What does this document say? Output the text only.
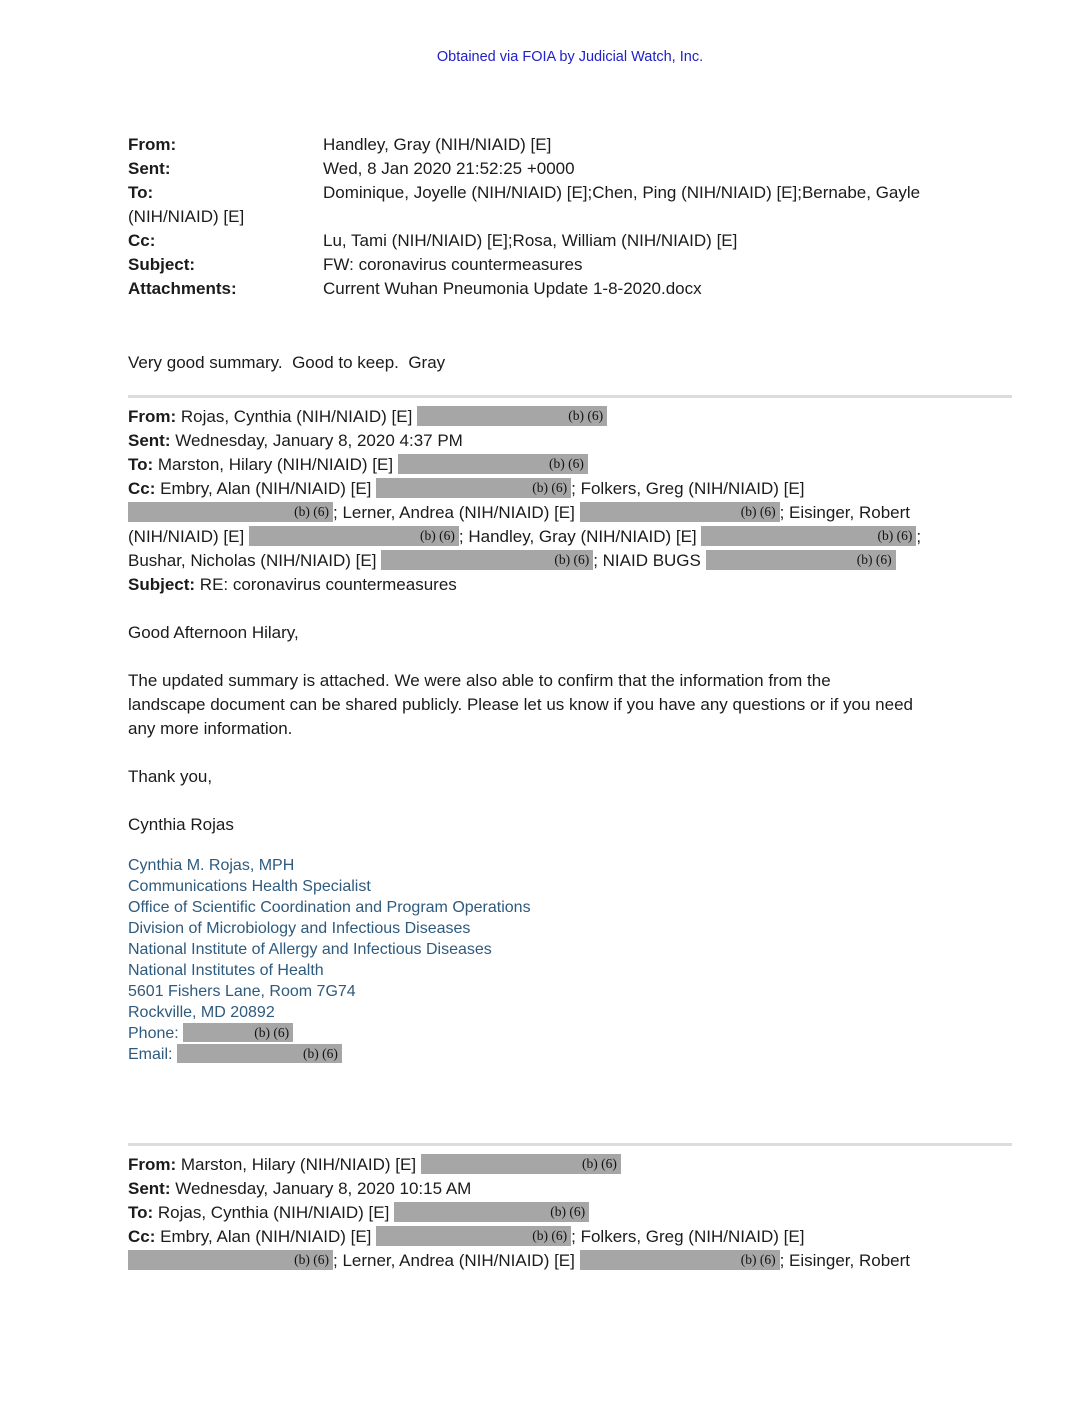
Obtained via FOIA by Judicial Watch, Inc.
From:	Handley, Gray (NIH/NIAID) [E]
Sent:	Wed, 8 Jan 2020 21:52:25 +0000
To:	Dominique, Joyelle (NIH/NIAID) [E];Chen, Ping (NIH/NIAID) [E];Bernabe, Gayle
(NIH/NIAID) [E]
Cc:	Lu, Tami (NIH/NIAID) [E];Rosa, William (NIH/NIAID) [E]
Subject:	FW: coronavirus countermeasures
Attachments:	Current Wuhan Pneumonia Update 1-8-2020.docx
Very good summary.  Good to keep.  Gray
From: Rojas, Cynthia (NIH/NIAID) [E]	(b) (6)
Sent: Wednesday, January 8, 2020 4:37 PM
To: Marston, Hilary (NIH/NIAID) [E]	(b) (6)
Cc: Embry, Alan (NIH/NIAID) [E]	(b) (6) ; Folkers, Greg (NIH/NIAID) [E]
(b) (6) ; Lerner, Andrea (NIH/NIAID) [E]	(b) (6) ; Eisinger, Robert
(NIH/NIAID) [E]	(b) (6) ; Handley, Gray (NIH/NIAID) [E]	(b) (6) ;
Bushar, Nicholas (NIH/NIAID) [E]	(b) (6) ; NIAID BUGS	(b) (6)
Subject: RE: coronavirus countermeasures
Good Afternoon Hilary,

The updated summary is attached. We were also able to confirm that the information from the
landscape document can be shared publicly. Please let us know if you have any questions or if you need
any more information.

Thank you,

Cynthia Rojas
Cynthia M. Rojas, MPH
Communications Health Specialist
Office of Scientific Coordination and Program Operations
Division of Microbiology and Infectious Diseases
National Institute of Allergy and Infectious Diseases
National Institutes of Health
5601 Fishers Lane, Room 7G74
Rockville, MD 20892
Phone:	(b) (6)
Email:	(b) (6)
From: Marston, Hilary (NIH/NIAID) [E]	(b) (6)
Sent: Wednesday, January 8, 2020 10:15 AM
To: Rojas, Cynthia (NIH/NIAID) [E]	(b) (6)
Cc: Embry, Alan (NIH/NIAID) [E]	(b) (6) ; Folkers, Greg (NIH/NIAID) [E]
(b) (6) ; Lerner, Andrea (NIH/NIAID) [E]	(b) (6) ; Eisinger, Robert
